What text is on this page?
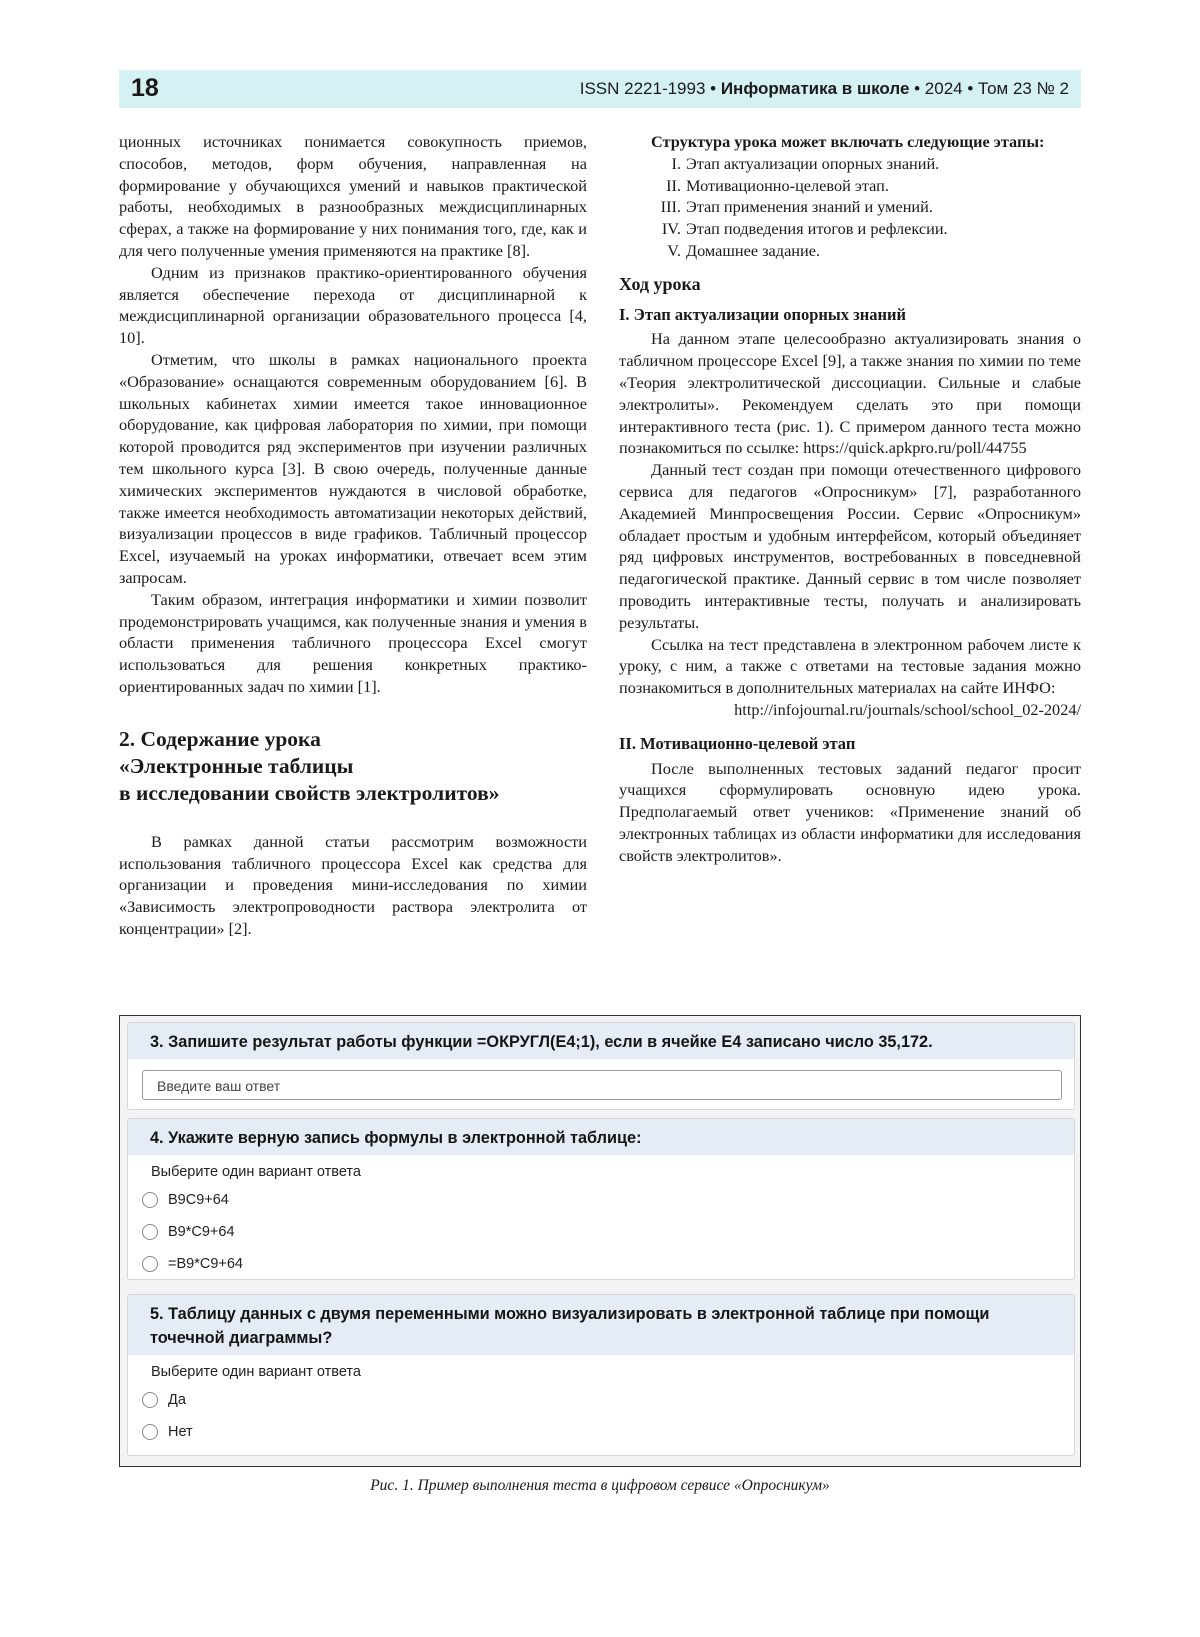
18	ISSN 2221-1993 • Информатика в школе • 2024 • Том 23 № 2

ционных источниках понимается совокупность приемов, способов, методов, форм обучения, направленная на формирование у обучающихся умений и навыков практической работы, необходимых в разнообразных междисциплинарных сферах, а также на формирование у них понимания того, где, как и для чего полученные умения применяются на практике [8].

Одним из признаков практико-ориентированного обучения является обеспечение перехода от дисциплинарной к междисциплинарной организации образовательного процесса [4, 10].

Отметим, что школы в рамках национального проекта «Образование» оснащаются современным оборудованием [6]. В школьных кабинетах химии имеется такое инновационное оборудование, как цифровая лаборатория по химии, при помощи которой проводится ряд экспериментов при изучении различных тем школьного курса [3]. В свою очередь, полученные данные химических экспериментов нуждаются в числовой обработке, также имеется необходимость автоматизации некоторых действий, визуализации процессов в виде графиков. Табличный процессор Excel, изучаемый на уроках информатики, отвечает всем этим запросам.

Таким образом, интеграция информатики и химии позволит продемонстрировать учащимся, как полученные знания и умения в области применения табличного процессора Excel смогут использоваться для решения конкретных практико-ориентированных задач по химии [1].

2. Содержание урока
«Электронные таблицы
в исследовании свойств электролитов»

В рамках данной статьи рассмотрим возможности использования табличного процессора Excel как средства для организации и проведения мини-исследования по химии «Зависимость электропроводности раствора электролита от концентрации» [2].

Структура урока может включать следующие этапы:

I. Этап актуализации опорных знаний.
II. Мотивационно-целевой этап.
III. Этап применения знаний и умений.
IV. Этап подведения итогов и рефлексии.
V. Домашнее задание.
Ход урока
I. Этап актуализации опорных знаний

На данном этапе целесообразно актуализировать знания о табличном процессоре Excel [9], а также знания по химии по теме «Теория электролитической диссоциации. Сильные и слабые электролиты». Рекомендуем сделать это при помощи интерактивного теста (рис. 1). С примером данного теста можно познакомиться по ссылке: https://quick.apkpro.ru/poll/44755

Данный тест создан при помощи отечественного цифрового сервиса для педагогов «Опросникум» [7], разработанного Академией Минпросвещения России. Сервис «Опросникум» обладает простым и удобным интерфейсом, который объединяет ряд цифровых инструментов, востребованных в повседневной педагогической практике. Данный сервис в том числе позволяет проводить интерактивные тесты, получать и анализировать результаты.

Ссылка на тест представлена в электронном рабочем листе к уроку, с ним, а также с ответами на тестовые задания можно познакомиться в дополнительных материалах на сайте ИНФО:

http://infojournal.ru/journals/school/school_02-2024/

II. Мотивационно-целевой этап

После выполненных тестовых заданий педагог просит учащихся сформулировать основную идею урока. Предполагаемый ответ учеников: «Применение знаний об электронных таблицах из области информатики для исследования свойств электролитов».

3. Запишите результат работы функции =ОКРУГЛ(E4;1), если в ячейке E4 записано число 35,172.
Введите ваш ответ
4. Укажите верную запись формулы в электронной таблице:
Выберите один вариант ответа
В9С9+64
В9*С9+64
=В9*С9+64
5. Таблицу данных с двумя переменными можно визуализировать в электронной таблице при помощи точечной диаграммы?
Выберите один вариант ответа
Да
Нет
Рис. 1. Пример выполнения теста в цифровом сервисе «Опросникум»
